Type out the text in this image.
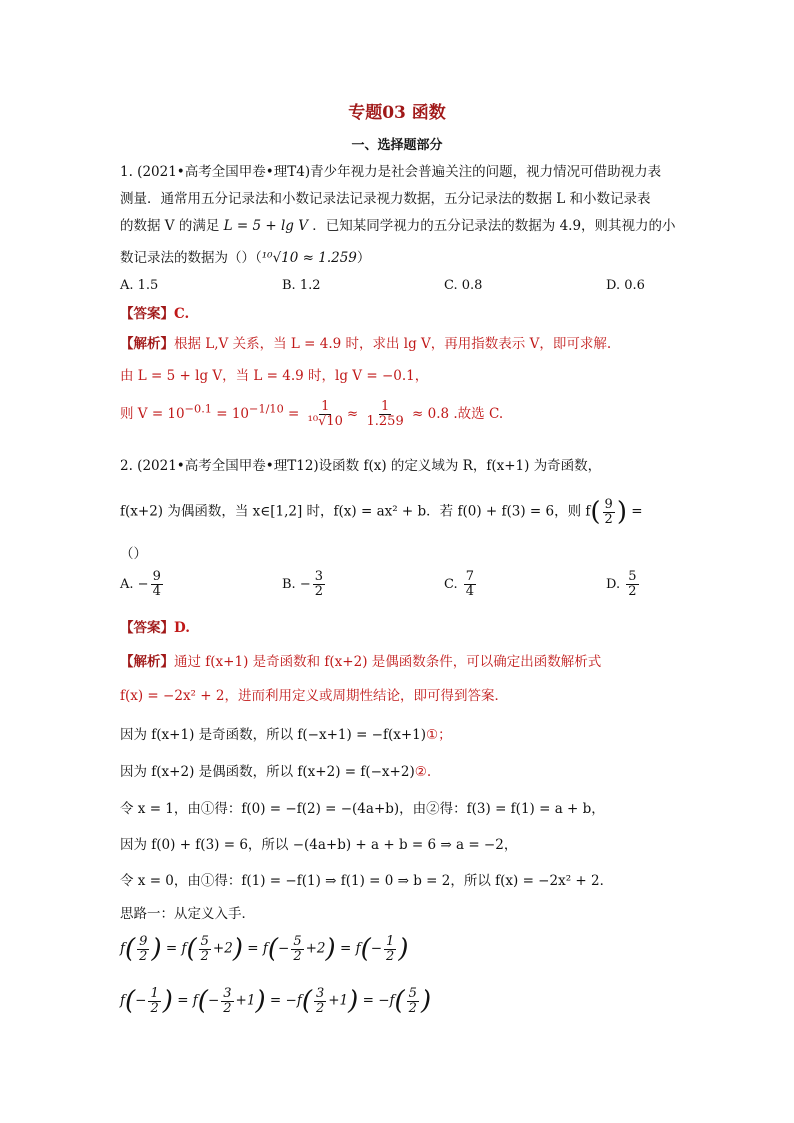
专题03 函数
一、选择题部分
1. (2021•高考全国甲卷•理T4)青少年视力是社会普遍关注的问题，视力情况可借助视力表
测量．通常用五分记录法和小数记录法记录视力数据，五分记录法的数据 L 和小数记录表
的数据 V 的满足 L = 5 + lg V ．已知某同学视力的五分记录法的数据为 4.9，则其视力的小
数记录法的数据为（）（¹⁰√10 ≈ 1.259）
A. 1.5	B. 1.2	C. 0.8	D. 0.6
【答案】C.
【解析】根据 L,V 关系，当 L = 4.9 时，求出 lg V，再用指数表示 V，即可求解.
由 L = 5 + lg V，当 L = 4.9 时，lg V = −0.1，
则 $V = 10^{-0.1} = 10^{-1/10} = \frac{1}{\text{¹⁰√10}} \approx \frac{1}{1.259} \approx 0.8$ .故选 C.
2. (2021•高考全国甲卷•理T12)设函数 f(x) 的定义域为 R，f(x+1) 为奇函数，
f(x+2) 为偶函数，当 x∈[1,2] 时，f(x) = ax² + b．若 f(0) + f(3) = 6，则 $f( \frac{9}{2}$ ) =
（）
A. − $\frac{9}{4}$	B. − $\frac{3}{2}$	C. $\frac{7}{4}$	D. $\frac{5}{2}$
【答案】D.
【解析】通过 f(x+1) 是奇函数和 f(x+2) 是偶函数条件，可以确定出函数解析式
f(x) = −2x² + 2，进而利用定义或周期性结论，即可得到答案．
因为 f(x+1) 是奇函数，所以 f(−x+1) = −f(x+1)①；
因为 f(x+2) 是偶函数，所以 f(x+2) = f(−x+2)②.
令 x = 1，由①得：f(0) = −f(2) = −(4a+b)，由②得：f(3) = f(1) = a + b，
因为 f(0) + f(3) = 6，所以 −(4a+b) + a + b = 6 ⇒ a = −2，
令 x = 0，由①得：f(1) = −f(1) ⇒ f(1) = 0 ⇒ b = 2，所以 f(x) = −2x² + 2．
思路一：从定义入手．
$f( \frac{9}{2}$ ) = $f( \frac{5}{2} +2) = f(- \frac{5}{2} +2) = f(- \frac{1}{2}$ )
$f(- \frac{1}{2}$ ) = $f(- \frac{3}{2} +1) = -f( \frac{3}{2} +1) = -f( \frac{5}{2}$ )
